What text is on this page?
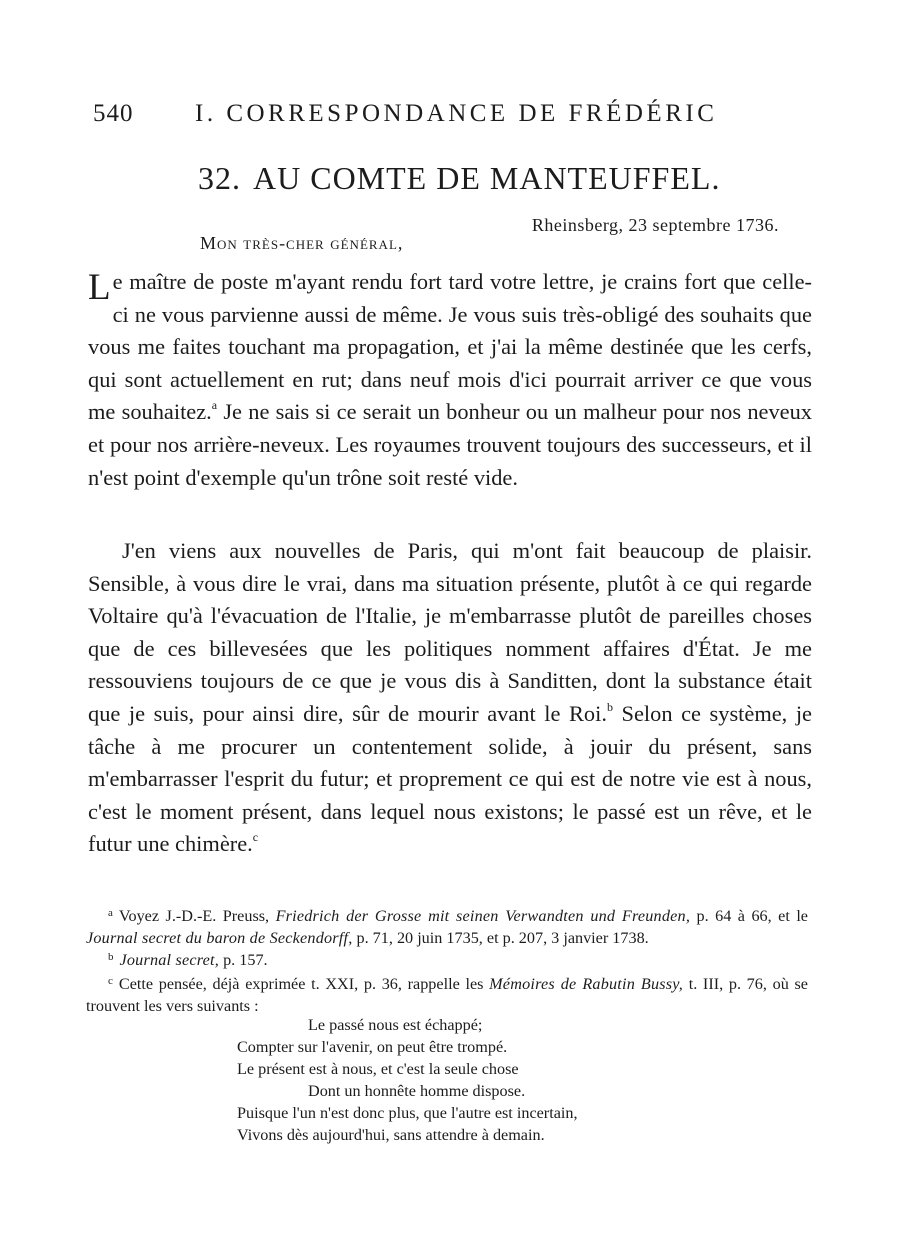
540 I. CORRESPONDANCE DE FRÉDÉRIC
32. AU COMTE DE MANTEUFFEL.
Rheinsberg, 23 septembre 1736.
Mon très-cher général,

Le maître de poste m'ayant rendu fort tard votre lettre, je crains fort que celle-ci ne vous parvienne aussi de même. Je vous suis très-obligé des souhaits que vous me faites touchant ma propagation, et j'ai la même destinée que les cerfs, qui sont actuellement en rut; dans neuf mois d'ici pourrait arriver ce que vous me souhaitez.$^a$ Je ne sais si ce serait un bonheur ou un malheur pour nos neveux et pour nos arrière-neveux. Les royaumes trouvent toujours des successeurs, et il n'est point d'exemple qu'un trône soit resté vide.

J'en viens aux nouvelles de Paris, qui m'ont fait beaucoup de plaisir. Sensible, à vous dire le vrai, dans ma situation présente, plutôt à ce qui regarde Voltaire qu'à l'évacuation de l'Italie, je m'embarrasse plutôt de pareilles choses que de ces billevesées que les politiques nomment affaires d'État. Je me ressouviens toujours de ce que je vous dis à Sanditten, dont la substance était que je suis, pour ainsi dire, sûr de mourir avant le Roi.$^b$ Selon ce système, je tâche à me procurer un contentement solide, à jouir du présent, sans m'embarrasser l'esprit du futur; et proprement ce qui est de notre vie est à nous, c'est le moment présent, dans lequel nous existons; le passé est un rêve, et le futur une chimère.$^c$

$^a$ Voyez J.-D.-E. Preuss, Friedrich der Grosse mit seinen Verwandten und Freunden, p. 64 à 66, et le Journal secret du baron de Seckendorff, p. 71, 20 juin 1735, et p. 207, 3 janvier 1738.

$^b$ Journal secret, p. 157.

$^c$ Cette pensée, déjà exprimée t. XXI, p. 36, rappelle les Mémoires de Rabutin Bussy, t. III, p. 76, où se trouvent les vers suivants :

Le passé nous est échappé;
Compter sur l'avenir, on peut être trompé.
Le présent est à nous, et c'est la seule chose
Dont un honnête homme dispose.
Puisque l'un n'est donc plus, que l'autre est incertain,
Vivons dès aujourd'hui, sans attendre à demain.
